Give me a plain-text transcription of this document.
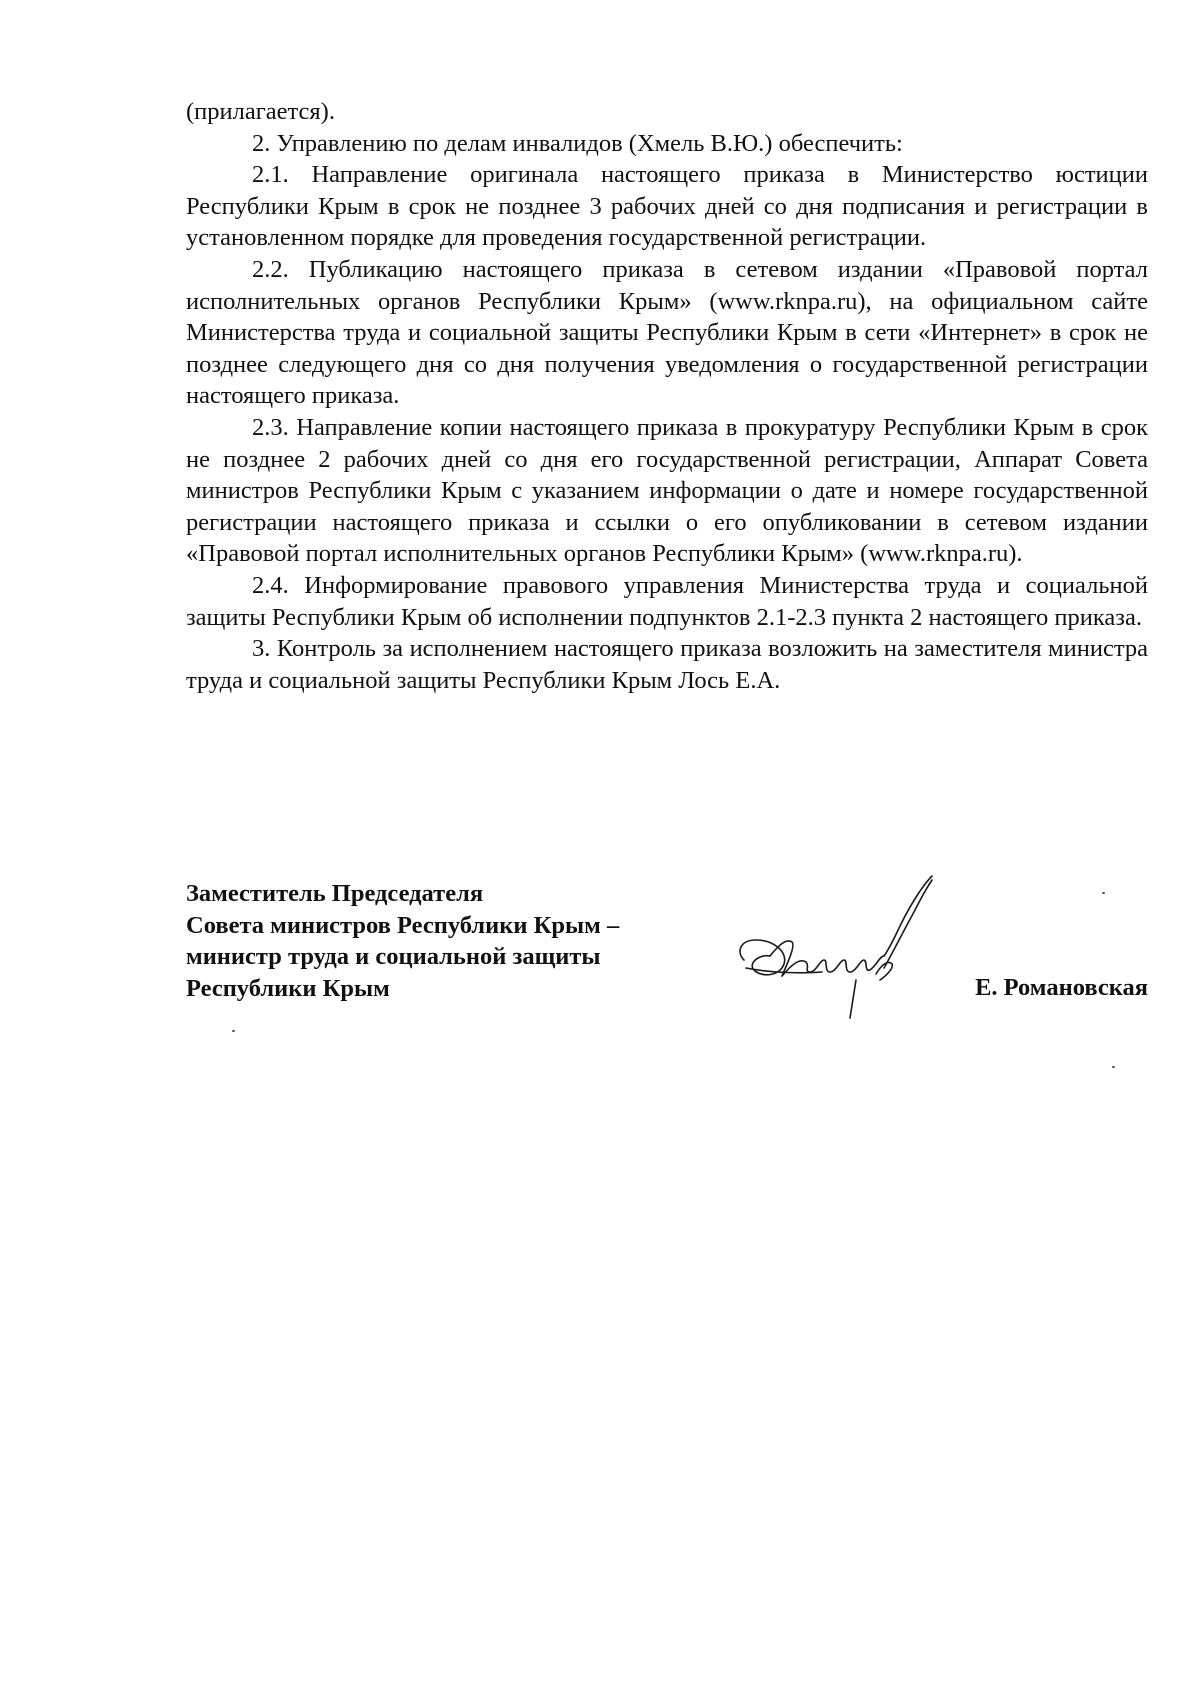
(прилагается).

2. Управлению по делам инвалидов (Хмель В.Ю.) обеспечить:

2.1. Направление оригинала настоящего приказа в Министерство юстиции Республики Крым в срок не позднее 3 рабочих дней со дня подписания и регистрации в установленном порядке для проведения государственной регистрации.

2.2. Публикацию настоящего приказа в сетевом издании «Правовой портал исполнительных органов Республики Крым» (www.rknpa.ru), на официальном сайте Министерства труда и социальной защиты Республики Крым в сети «Интернет» в срок не позднее следующего дня со дня получения уведомления о государственной регистрации настоящего приказа.

2.3. Направление копии настоящего приказа в прокуратуру Республики Крым в срок не позднее 2 рабочих дней со дня его государственной регистрации, Аппарат Совета министров Республики Крым с указанием информации о дате и номере государственной регистрации настоящего приказа и ссылки о его опубликовании в сетевом издании «Правовой портал исполнительных органов Республики Крым» (www.rknpa.ru).

2.4. Информирование правового управления Министерства труда и социальной защиты Республики Крым об исполнении подпунктов 2.1-2.3 пункта 2 настоящего приказа.

3. Контроль за исполнением настоящего приказа возложить на заместителя министра труда и социальной защиты Республики Крым Лось Е.А.

Заместитель Председателя
Совета министров Республики Крым –
министр труда и социальной защиты
Республики Крым	Е. Романовская
